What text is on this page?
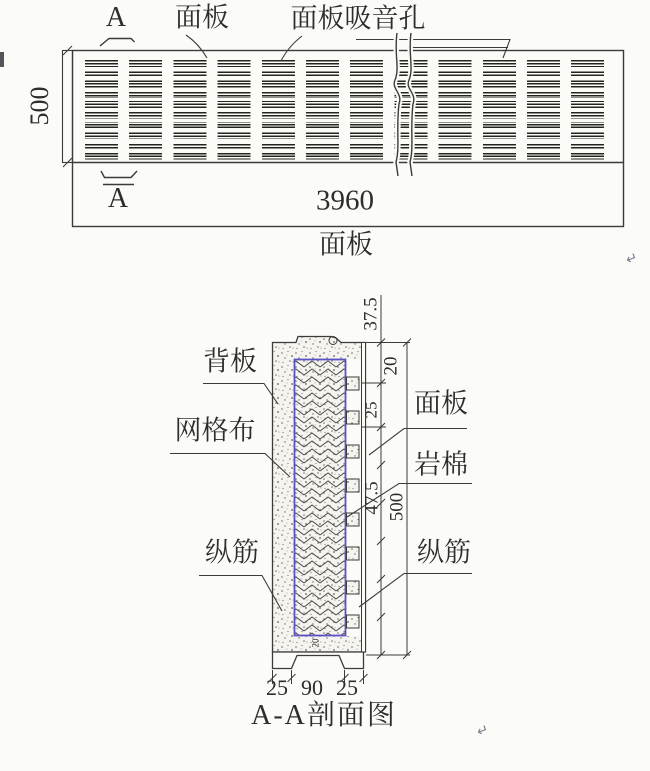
A 面板 面板吸音孔
500
3960
A
面板
背板
网格布
纵筋
面板
岩棉
纵筋
37.5
20
25
47.5 500
20
25 90 25
A-A剖面图
↵
↵
